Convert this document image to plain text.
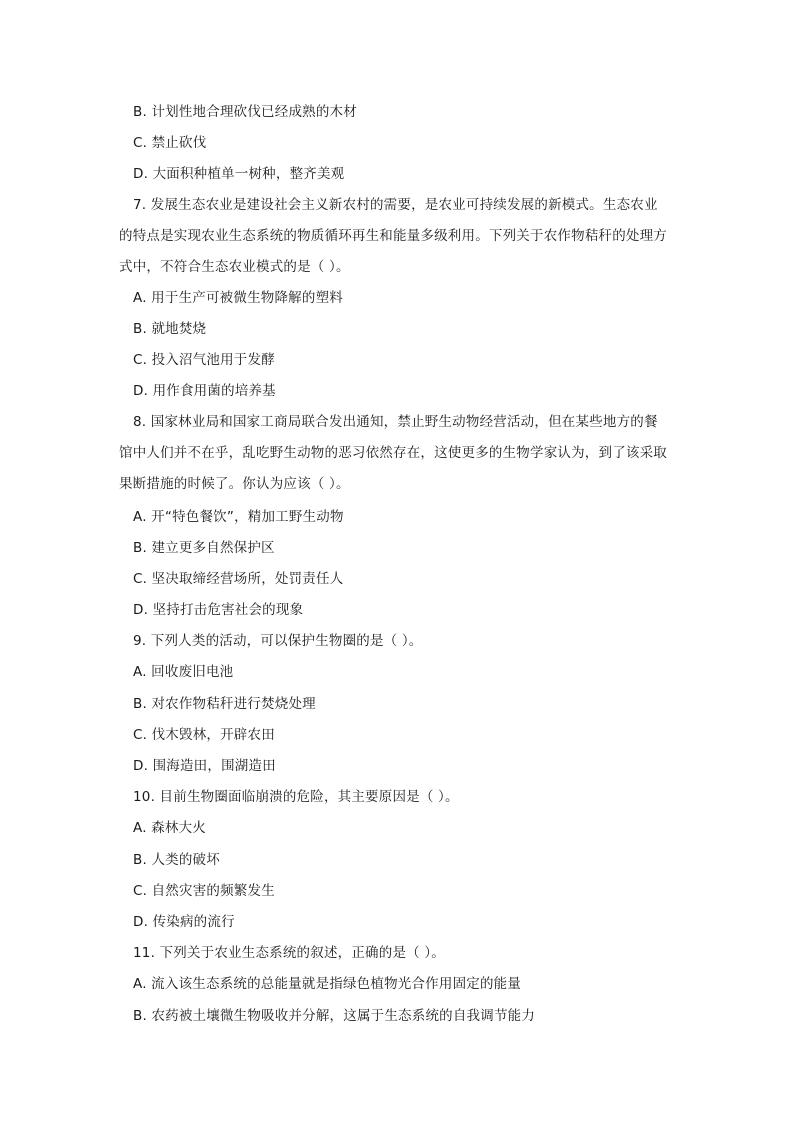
B. 计划性地合理砍伐已经成熟的木材
C. 禁止砍伐
D. 大面积种植单一树种，整齐美观
7. 发展生态农业是建设社会主义新农村的需要，是农业可持续发展的新模式。生态农业
的特点是实现农业生态系统的物质循环再生和能量多级利用。下列关于农作物秸秆的处理方
式中，不符合生态农业模式的是（ ）。
A. 用于生产可被微生物降解的塑料
B. 就地焚烧
C. 投入沼气池用于发酵
D. 用作食用菌的培养基
8. 国家林业局和国家工商局联合发出通知，禁止野生动物经营活动，但在某些地方的餐
馆中人们并不在乎，乱吃野生动物的恶习依然存在，这使更多的生物学家认为，到了该采取
果断措施的时候了。你认为应该（ ）。
A. 开“特色餐饮”，精加工野生动物
B. 建立更多自然保护区
C. 坚决取缔经营场所，处罚责任人
D. 坚持打击危害社会的现象
9. 下列人类的活动，可以保护生物圈的是（ ）。
A. 回收废旧电池
B. 对农作物秸秆进行焚烧处理
C. 伐木毁林，开辟农田
D. 围海造田，围湖造田
10. 目前生物圈面临崩溃的危险，其主要原因是（ ）。
A. 森林大火
B. 人类的破坏
C. 自然灾害的频繁发生
D. 传染病的流行
11. 下列关于农业生态系统的叙述，正确的是（ ）。
A. 流入该生态系统的总能量就是指绿色植物光合作用固定的能量
B. 农药被土壤微生物吸收并分解，这属于生态系统的自我调节能力
